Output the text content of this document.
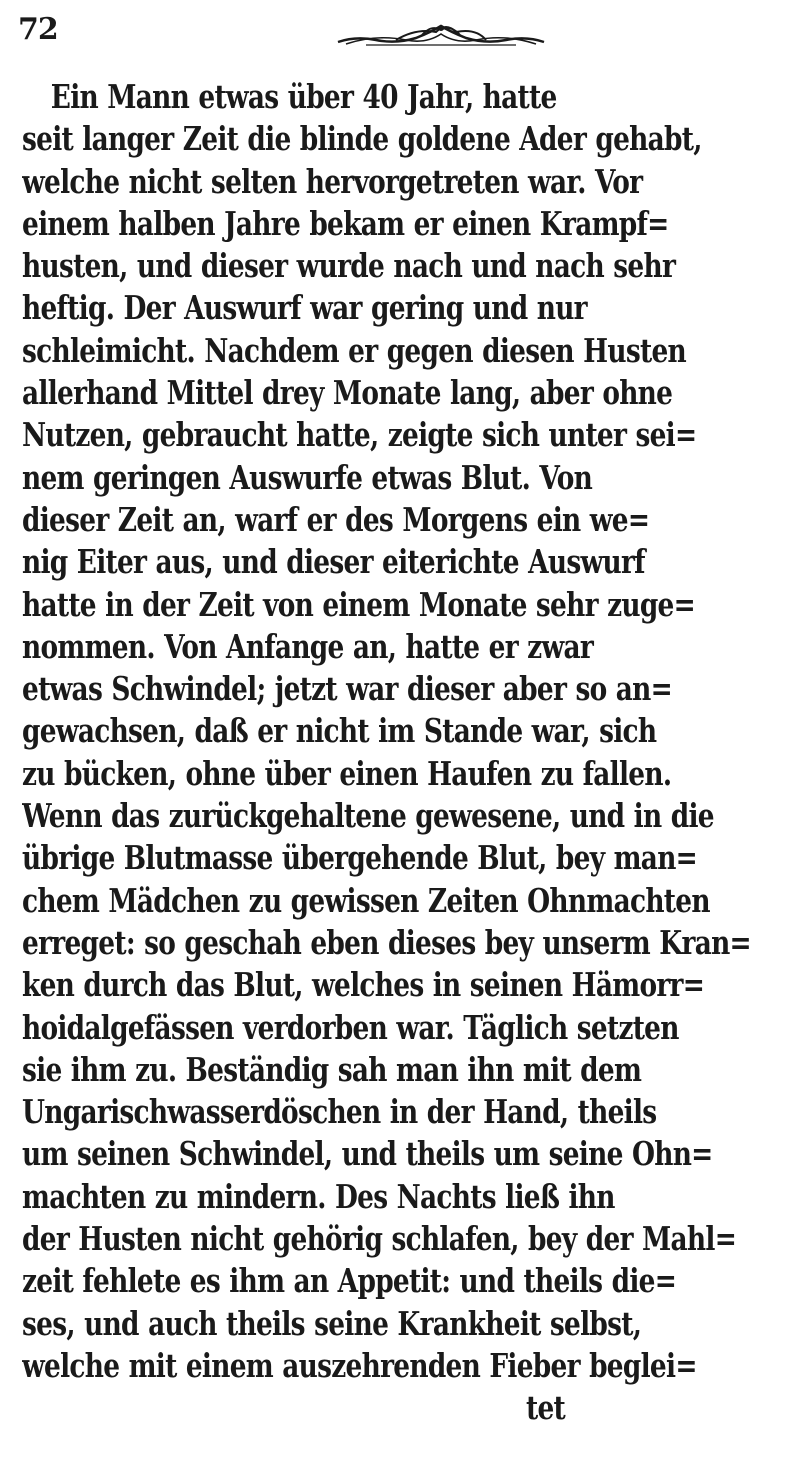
72
Ein Mann etwas über 40 Jahr, hatte
seit langer Zeit die blinde goldene Ader gehabt,
welche nicht selten hervorgetreten war. Vor
einem halben Jahre bekam er einen Krampf=
husten, und dieser wurde nach und nach sehr
heftig. Der Auswurf war gering und nur
schleimicht. Nachdem er gegen diesen Husten
allerhand Mittel drey Monate lang, aber ohne
Nutzen, gebraucht hatte, zeigte sich unter sei=
nem geringen Auswurfe etwas Blut. Von
dieser Zeit an, warf er des Morgens ein we=
nig Eiter aus, und dieser eiterichte Auswurf
hatte in der Zeit von einem Monate sehr zuge=
nommen. Von Anfange an, hatte er zwar
etwas Schwindel; jetzt war dieser aber so an=
gewachsen, daß er nicht im Stande war, sich
zu bücken, ohne über einen Haufen zu fallen.
Wenn das zurückgehaltene gewesene, und in die
übrige Blutmasse übergehende Blut, bey man=
chem Mädchen zu gewissen Zeiten Ohnmachten
erreget: so geschah eben dieses bey unserm Kran=
ken durch das Blut, welches in seinen Hämorr=
hoidalgefässen verdorben war. Täglich setzten
sie ihm zu. Beständig sah man ihn mit dem
Ungarischwasserdöschen in der Hand, theils
um seinen Schwindel, und theils um seine Ohn=
machten zu mindern. Des Nachts ließ ihn
der Husten nicht gehörig schlafen, bey der Mahl=
zeit fehlete es ihm an Appetit: und theils die=
ses, und auch theils seine Krankheit selbst,
welche mit einem auszehrenden Fieber beglei=
tet
